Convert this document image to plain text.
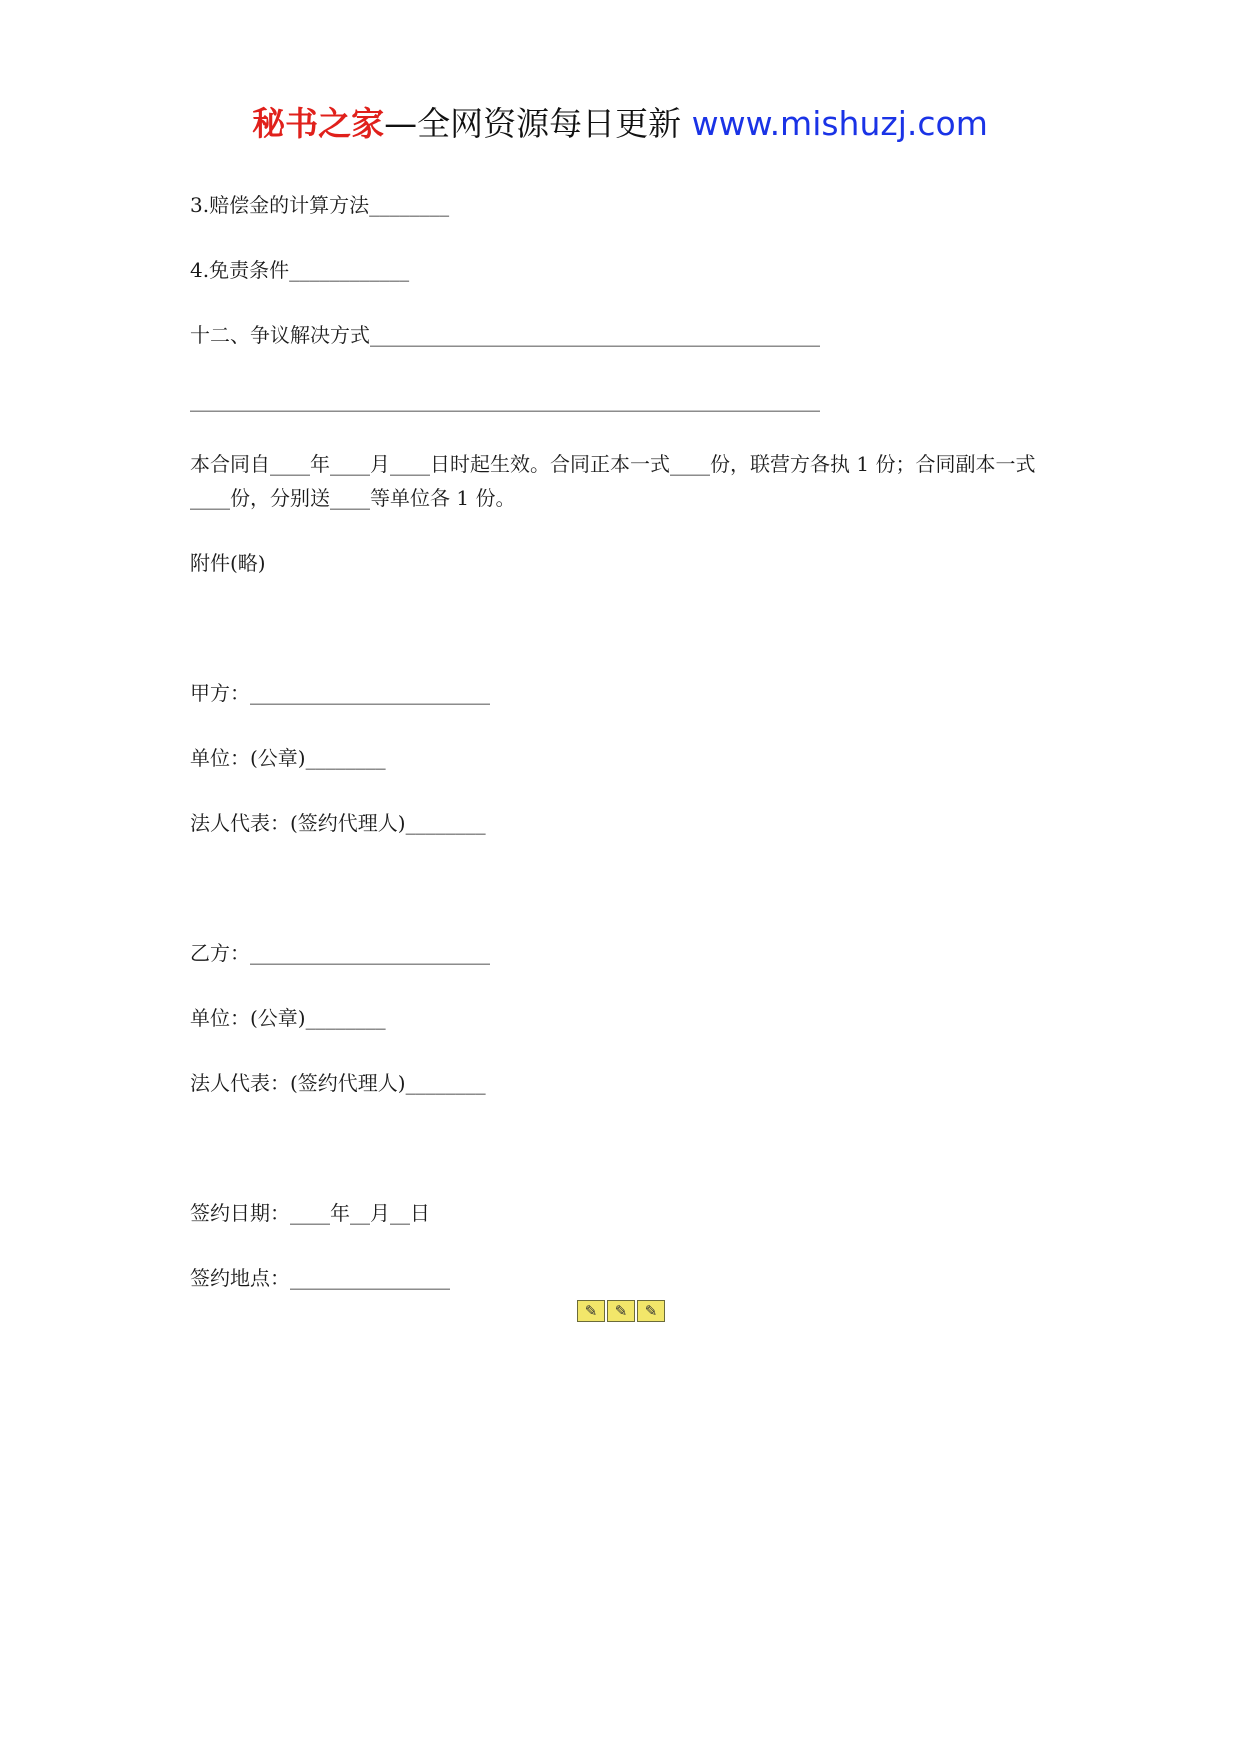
秘书之家—全网资源每日更新 www.mishuzj.com
3.赔偿金的计算方法________
4.免责条件____________
十二、争议解决方式_____________________________________________
_______________________________________________________________
本合同自____年____月____日时起生效。合同正本一式____份，联营方各执 1 份；合同副本一式____份，分别送____等单位各 1 份。
附件(略)
甲方：________________________
单位：(公章)________
法人代表：(签约代理人)________
乙方：________________________
单位：(公章)________
法人代表：(签约代理人)________
签约日期：____年__月__日
签约地点：________________
✎	✎	✎
